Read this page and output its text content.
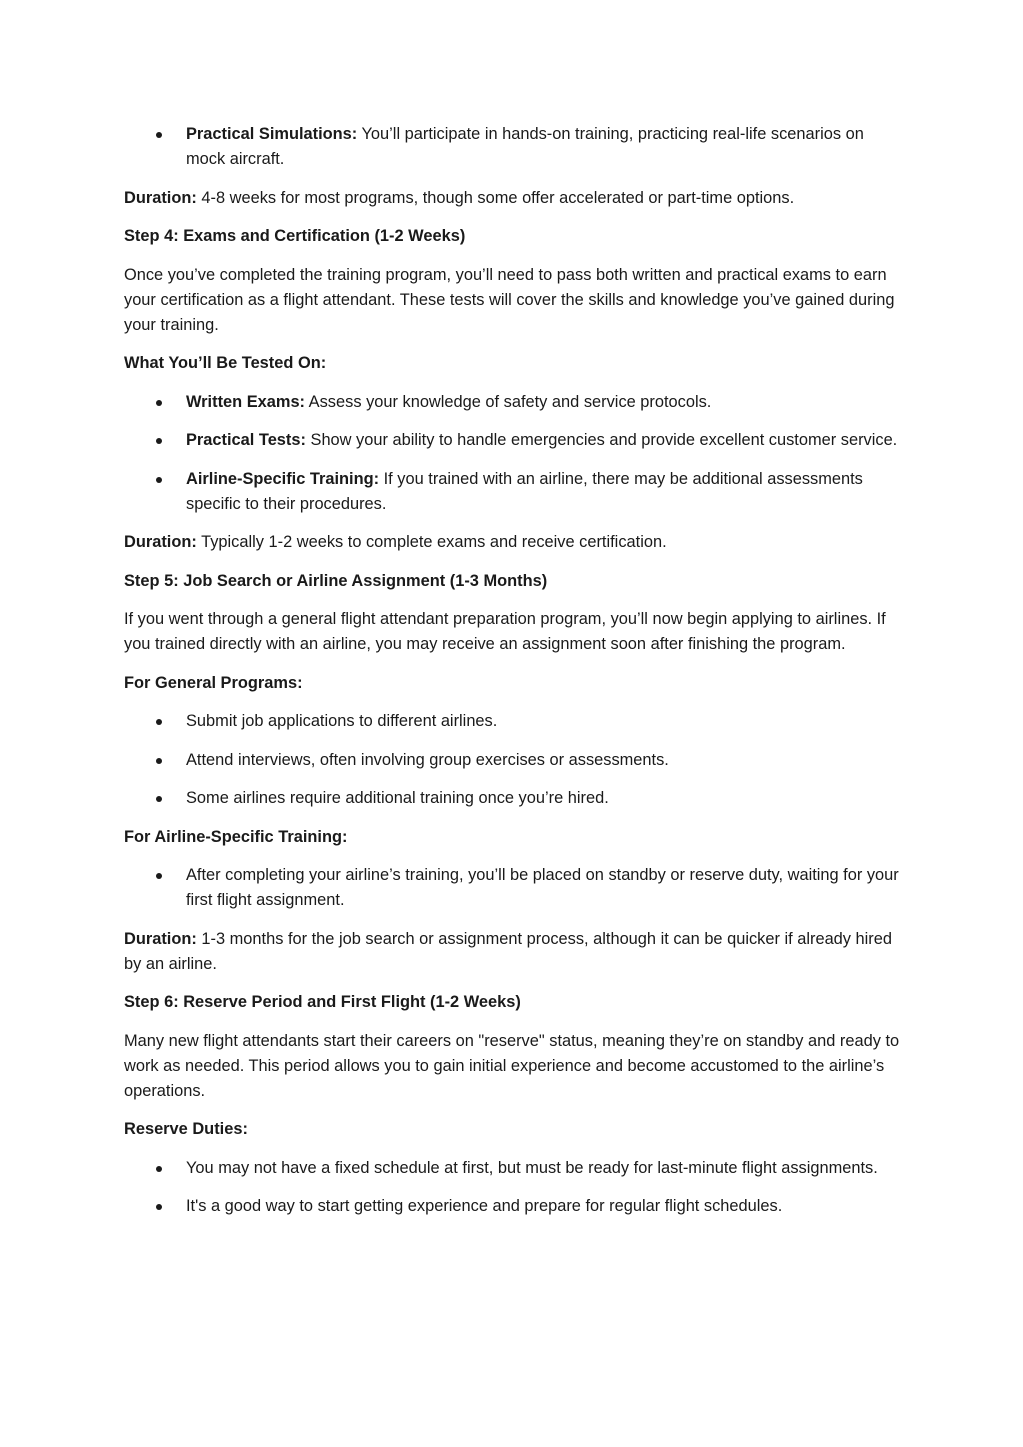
Practical Simulations: You’ll participate in hands-on training, practicing real-life scenarios on mock aircraft.

Duration: 4-8 weeks for most programs, though some offer accelerated or part-time options.

Step 4: Exams and Certification (1-2 Weeks)

Once you’ve completed the training program, you’ll need to pass both written and practical exams to earn your certification as a flight attendant. These tests will cover the skills and knowledge you’ve gained during your training.

What You’ll Be Tested On:

Written Exams: Assess your knowledge of safety and service protocols.
Practical Tests: Show your ability to handle emergencies and provide excellent customer service.
Airline-Specific Training: If you trained with an airline, there may be additional assessments specific to their procedures.

Duration: Typically 1-2 weeks to complete exams and receive certification.

Step 5: Job Search or Airline Assignment (1-3 Months)

If you went through a general flight attendant preparation program, you’ll now begin applying to airlines. If you trained directly with an airline, you may receive an assignment soon after finishing the program.

For General Programs:

Submit job applications to different airlines.
Attend interviews, often involving group exercises or assessments.
Some airlines require additional training once you’re hired.

For Airline-Specific Training:

After completing your airline’s training, you’ll be placed on standby or reserve duty, waiting for your first flight assignment.

Duration: 1-3 months for the job search or assignment process, although it can be quicker if already hired by an airline.

Step 6: Reserve Period and First Flight (1-2 Weeks)

Many new flight attendants start their careers on "reserve" status, meaning they’re on standby and ready to work as needed. This period allows you to gain initial experience and become accustomed to the airline’s operations.

Reserve Duties:

You may not have a fixed schedule at first, but must be ready for last-minute flight assignments.
It's a good way to start getting experience and prepare for regular flight schedules.
